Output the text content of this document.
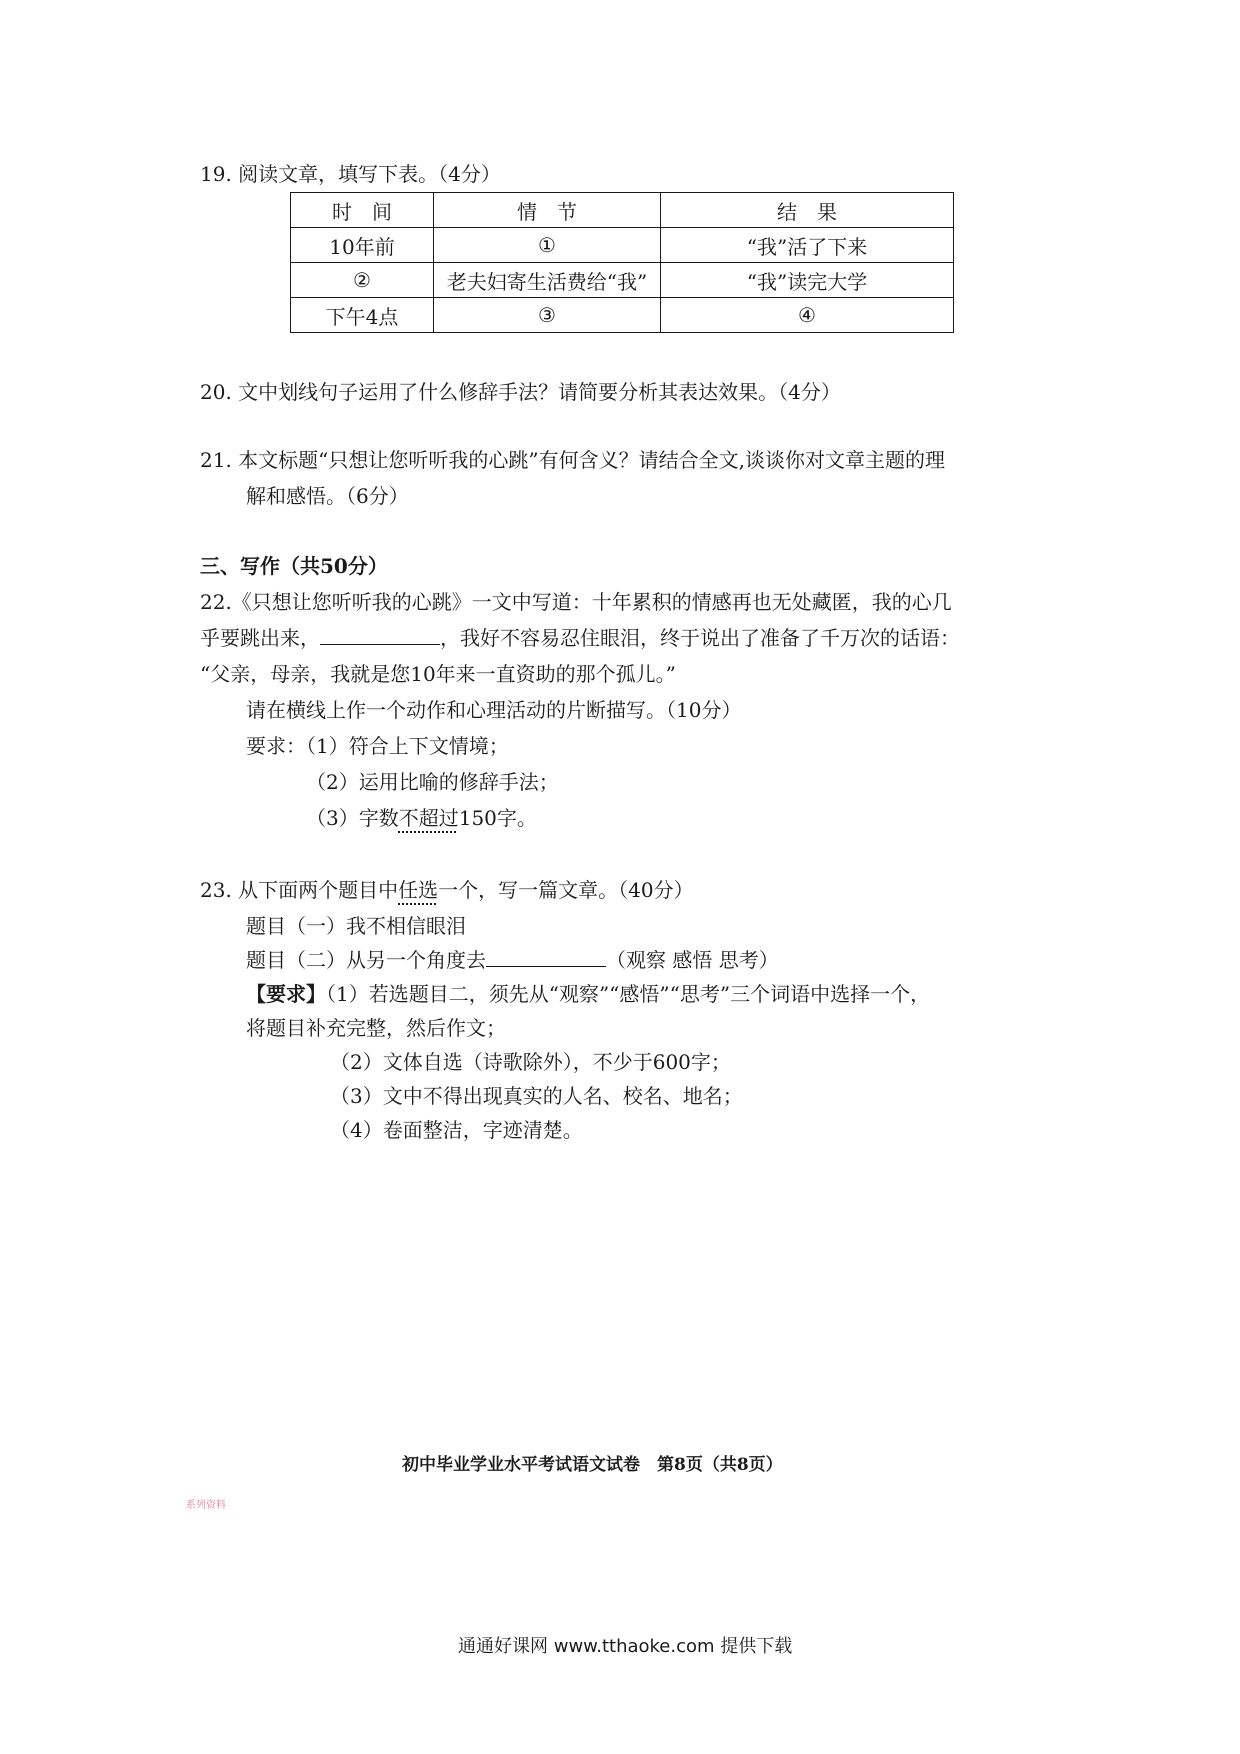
19. 阅读文章，填写下表。（4分）
时　间	情　节	结　果
10年前	①	“我”活了下来
②	老夫妇寄生活费给“我”	“我”读完大学
下午4点	③	④
20. 文中划线句子运用了什么修辞手法？请简要分析其表达效果。（4分）
21. 本文标题“只想让您听听我的心跳”有何含义？请结合全文,谈谈你对文章主题的理
解和感悟。（6分）
三、写作（共50分）
22.《只想让您听听我的心跳》一文中写道：十年累积的情感再也无处藏匿，我的心几
乎要跳出来，	，我好不容易忍住眼泪，终于说出了准备了千万次的话语：
“父亲，母亲，我就是您10年来一直资助的那个孤儿。”
请在横线上作一个动作和心理活动的片断描写。（10分）
要求：（1）符合上下文情境；
（2）运用比喻的修辞手法；
（3）字数不超过150字。
23. 从下面两个题目中任选一个，写一篇文章。（40分）
题目（一）我不相信眼泪
题目（二）从另一个角度去	（观察 感悟 思考）
【要求】（1）若选题目二，须先从“观察”“感悟”“思考”三个词语中选择一个，
将题目补充完整，然后作文；
（2）文体自选（诗歌除外），不少于600字；
（3）文中不得出现真实的人名、校名、地名；
（4）卷面整洁，字迹清楚。
初中毕业学业水平考试语文试卷　第8页（共8页）
系列资料
通通好课网 www.tthaoke.com 提供下载
